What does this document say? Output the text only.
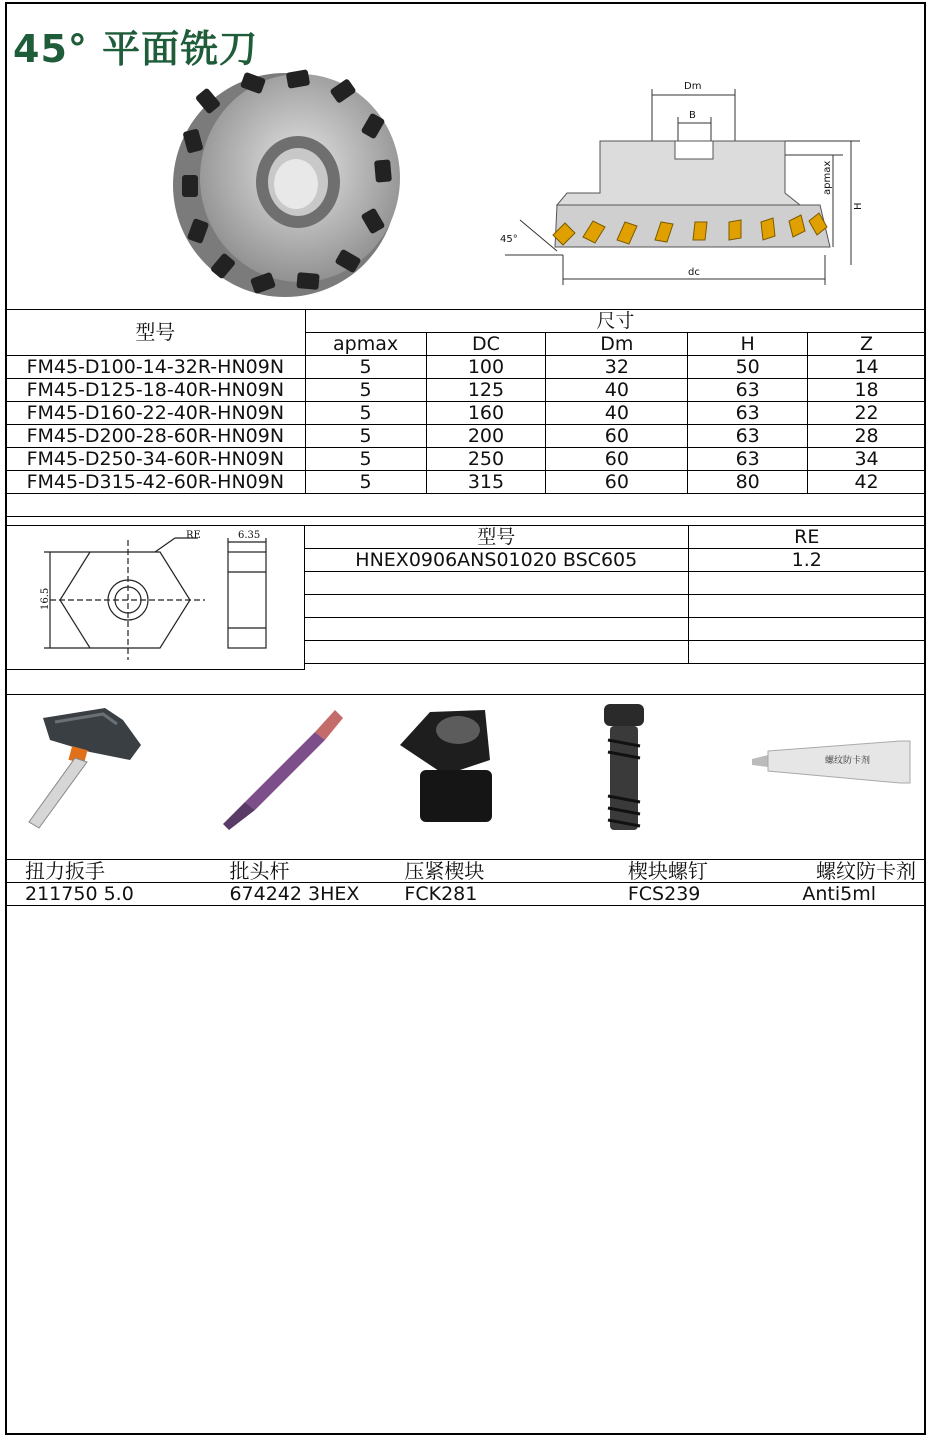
45° 平面铣刀
Dm
B
apmax
H
45°
dc
型号	尺寸				
	apmax	DC	Dm	H	Z
FM45-D100-14-32R-HN09N	5	100	32	50	14
FM45-D125-18-40R-HN09N	5	125	40	63	18
FM45-D160-22-40R-HN09N	5	160	40	63	22
FM45-D200-28-60R-HN09N	5	200	60	63	28
FM45-D250-34-60R-HN09N	5	250	60	63	34
FM45-D315-42-60R-HN09N	5	315	60	80	42

RE	6.35
16.5
型号	RE
HNEX0906ANS01020 BSC605	1.2

螺纹防卡剂
扭力扳手	批头杆	压紧楔块	楔块螺钉	螺纹防卡剂
211750 5.0	674242 3HEX	FCK281	FCS239	Anti5ml
